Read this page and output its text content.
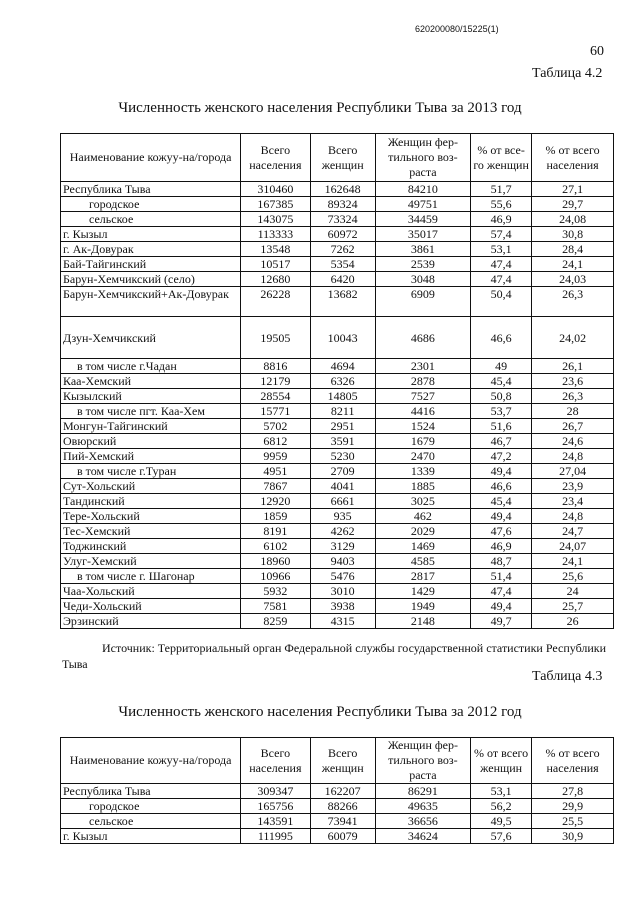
620200080/15225(1)
60
Таблица 4.2
Численность женского населения Республики Тыва за 2013 год
Наименование кожуу-на/города	Всего населения	Всего женщин	Женщин фер-тильного воз-раста	% от все-го женщин	% от всего населения
Республика Тыва	310460	162648	84210	51,7	27,1
городское	167385	89324	49751	55,6	29,7
сельское	143075	73324	34459	46,9	24,08
г. Кызыл	113333	60972	35017	57,4	30,8
г. Ак-Довурак	13548	7262	3861	53,1	28,4
Бай-Тайгинский	10517	5354	2539	47,4	24,1
Барун-Хемчикский (село)	12680	6420	3048	47,4	24,03
Барун-Хемчикский+Ак-Довурак	26228	13682	6909	50,4	26,3
Дзун-Хемчикский	19505	10043	4686	46,6	24,02
в том числе г.Чадан	8816	4694	2301	49	26,1
Каа-Хемский	12179	6326	2878	45,4	23,6
Кызылский	28554	14805	7527	50,8	26,3
в том числе пгт. Каа-Хем	15771	8211	4416	53,7	28
Монгун-Тайгинский	5702	2951	1524	51,6	26,7
Овюрский	6812	3591	1679	46,7	24,6
Пий-Хемский	9959	5230	2470	47,2	24,8
в том числе г.Туран	4951	2709	1339	49,4	27,04
Сут-Хольский	7867	4041	1885	46,6	23,9
Тандинский	12920	6661	3025	45,4	23,4
Тере-Хольский	1859	935	462	49,4	24,8
Тес-Хемский	8191	4262	2029	47,6	24,7
Тоджинский	6102	3129	1469	46,9	24,07
Улуг-Хемский	18960	9403	4585	48,7	24,1
в том числе г. Шагонар	10966	5476	2817	51,4	25,6
Чаа-Хольский	5932	3010	1429	47,4	24
Чеди-Хольский	7581	3938	1949	49,4	25,7
Эрзинский	8259	4315	2148	49,7	26
Источник: Территориальный орган Федеральной службы государственной статистики Республики Тыва
Таблица 4.3
Численность женского населения Республики Тыва за 2012 год
Наименование кожуу-на/города	Всего населения	Всего женщин	Женщин фер-тильного воз-раста	% от всего женщин	% от всего населения
Республика Тыва	309347	162207	86291	53,1	27,8
городское	165756	88266	49635	56,2	29,9
сельское	143591	73941	36656	49,5	25,5
г. Кызыл	111995	60079	34624	57,6	30,9
